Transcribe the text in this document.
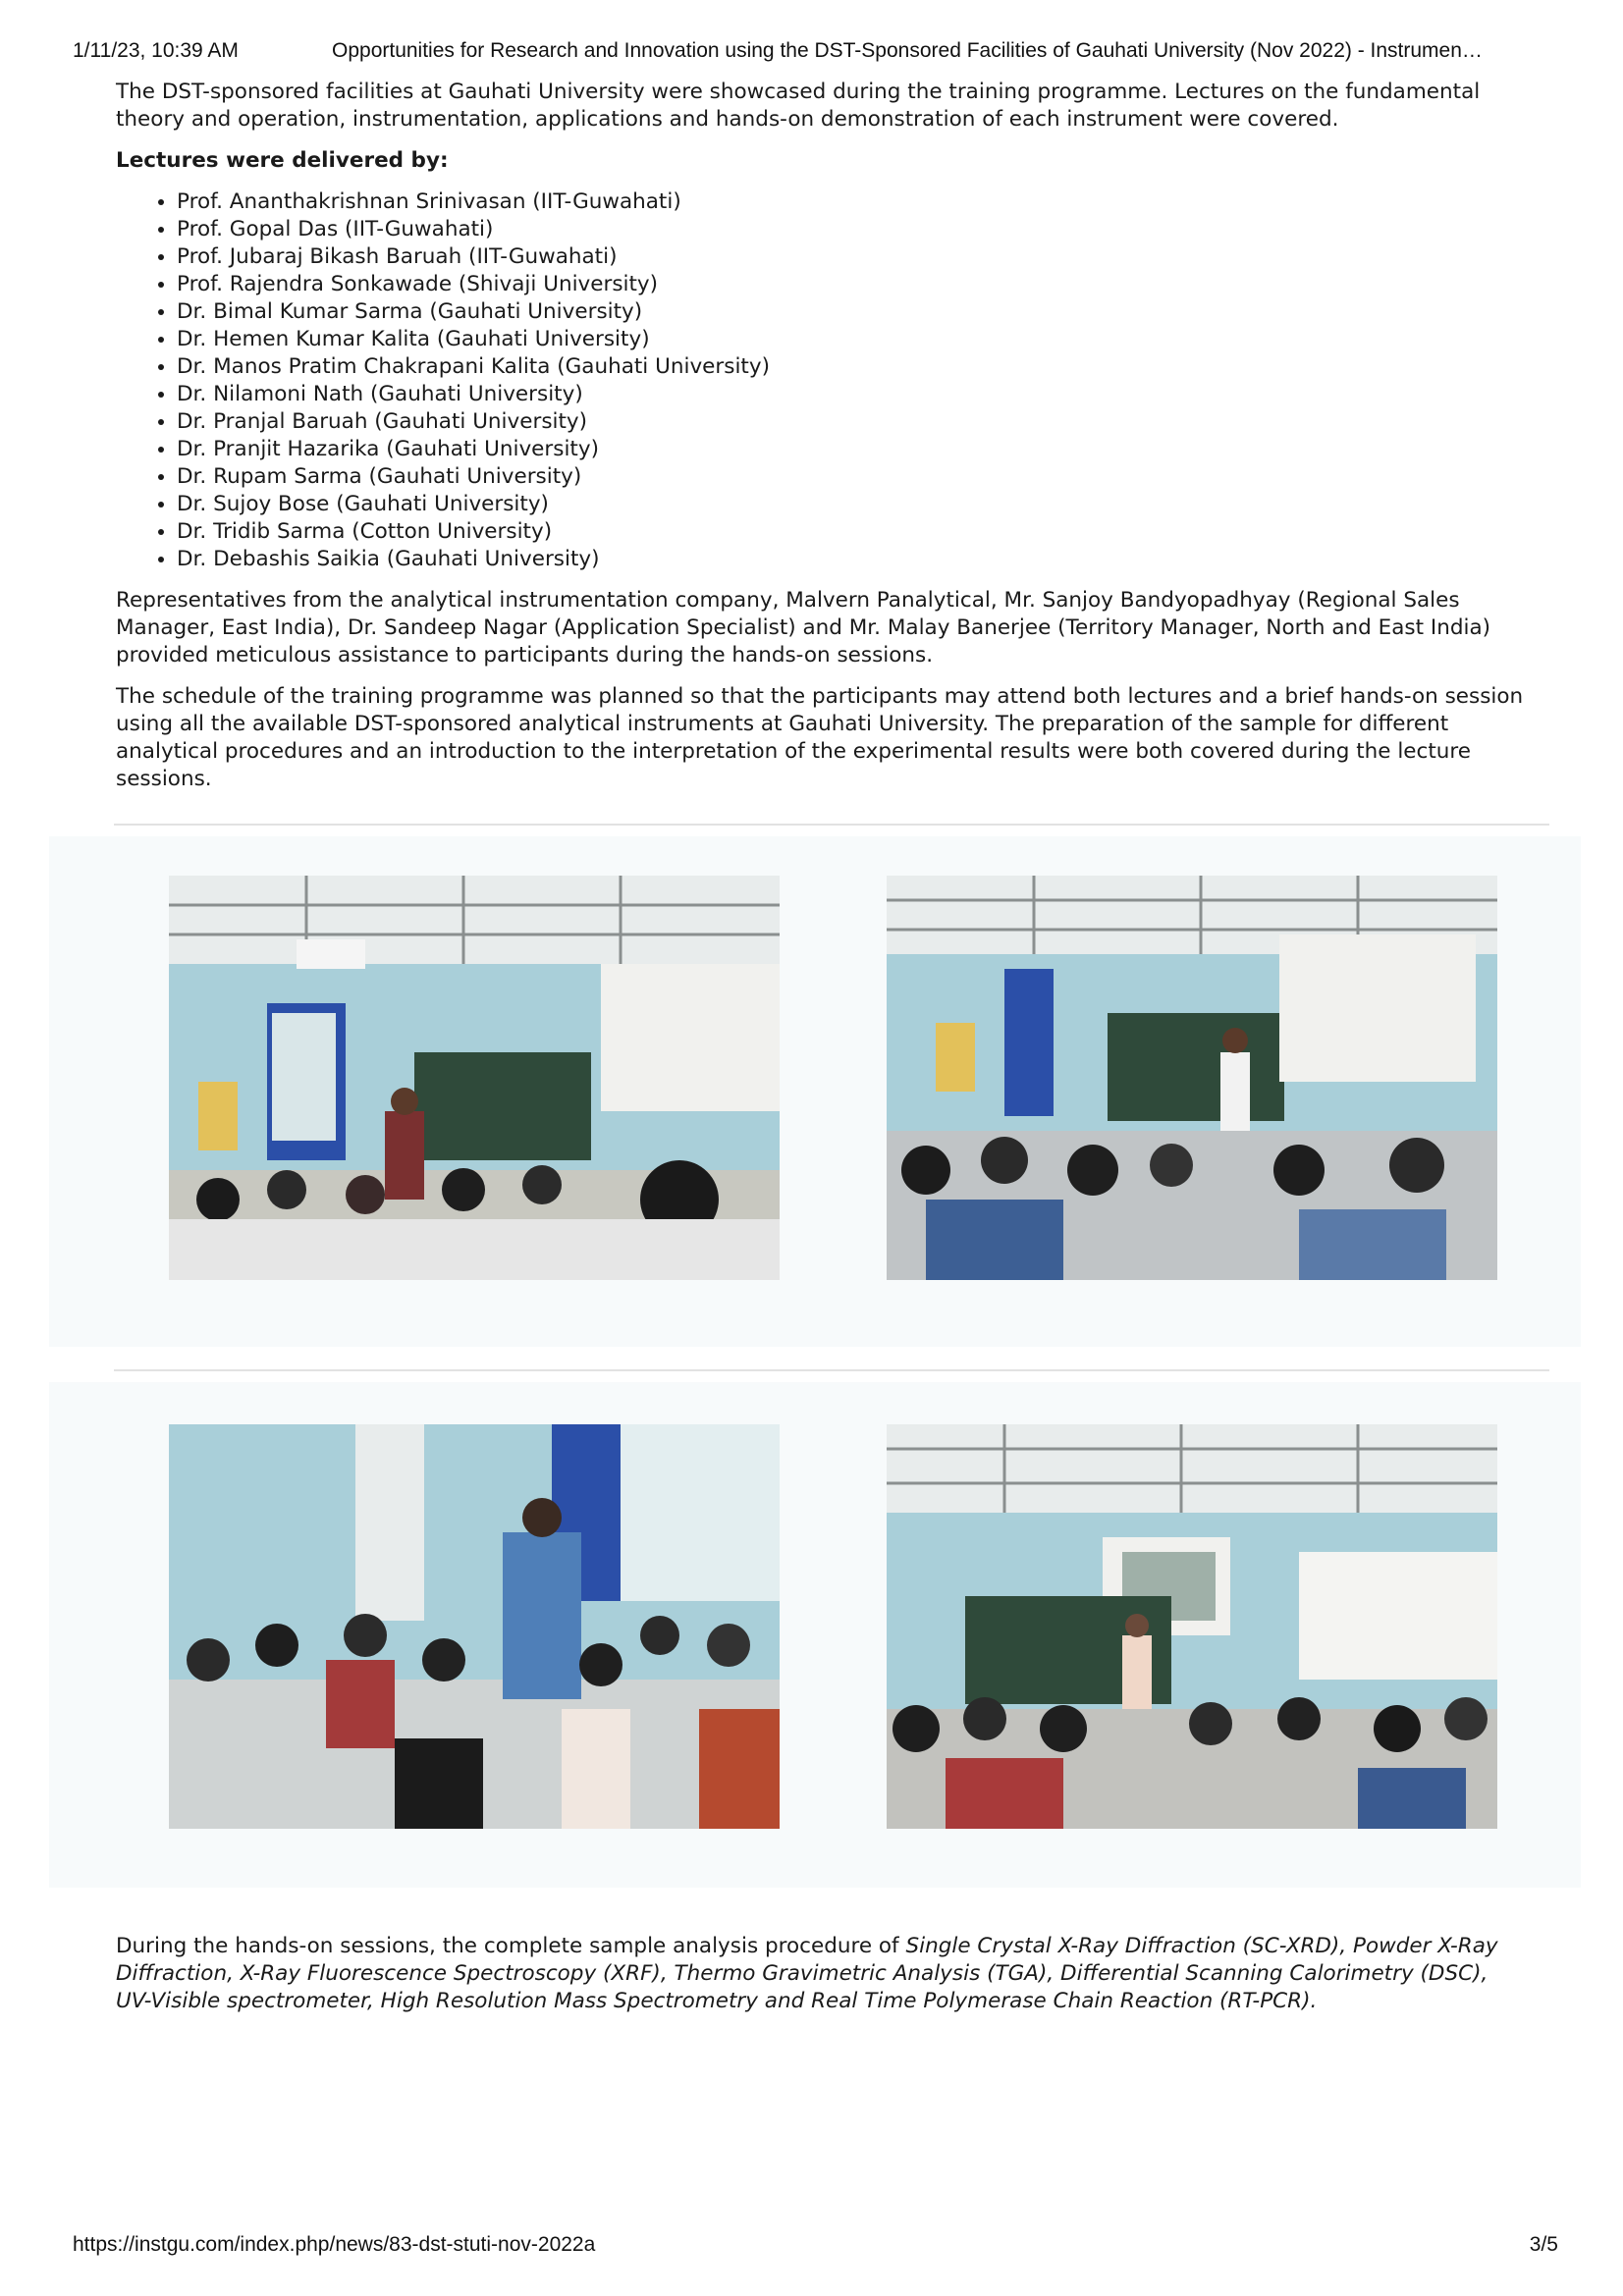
1/11/23, 10:39 AM	Opportunities for Research and Innovation using the DST-Sponsored Facilities of Gauhati University (Nov 2022) - Instrumen…

The DST-sponsored facilities at Gauhati University were showcased during the training programme. Lectures on the fundamental theory and operation, instrumentation, applications and hands-on demonstration of each instrument were covered.

Lectures were delivered by:

• Prof. Ananthakrishnan Srinivasan (IIT-Guwahati)
• Prof. Gopal Das (IIT-Guwahati)
• Prof. Jubaraj Bikash Baruah (IIT-Guwahati)
• Prof. Rajendra Sonkawade (Shivaji University)
• Dr. Bimal Kumar Sarma (Gauhati University)
• Dr. Hemen Kumar Kalita (Gauhati University)
• Dr. Manos Pratim Chakrapani Kalita (Gauhati University)
• Dr. Nilamoni Nath (Gauhati University)
• Dr. Pranjal Baruah (Gauhati University)
• Dr. Pranjit Hazarika (Gauhati University)
• Dr. Rupam Sarma (Gauhati University)
• Dr. Sujoy Bose (Gauhati University)
• Dr. Tridib Sarma (Cotton University)
• Dr. Debashis Saikia (Gauhati University)

Representatives from the analytical instrumentation company, Malvern Panalytical, Mr. Sanjoy Bandyopadhyay (Regional Sales Manager, East India), Dr. Sandeep Nagar (Application Specialist) and Mr. Malay Banerjee (Territory Manager, North and East India) provided meticulous assistance to participants during the hands-on sessions.

The schedule of the training programme was planned so that the participants may attend both lectures and a brief hands-on session using all the available DST-sponsored analytical instruments at Gauhati University. The preparation of the sample for different analytical procedures and an introduction to the interpretation of the experimental results were both covered during the lecture sessions.

During the hands-on sessions, the complete sample analysis procedure of Single Crystal X-Ray Diffraction (SC-XRD), Powder X-Ray Diffraction, X-Ray Fluorescence Spectroscopy (XRF), Thermo Gravimetric Analysis (TGA), Differential Scanning Calorimetry (DSC), UV-Visible spectrometer, High Resolution Mass Spectrometry and Real Time Polymerase Chain Reaction (RT-PCR).

https://instgu.com/index.php/news/83-dst-stuti-nov-2022a	3/5
